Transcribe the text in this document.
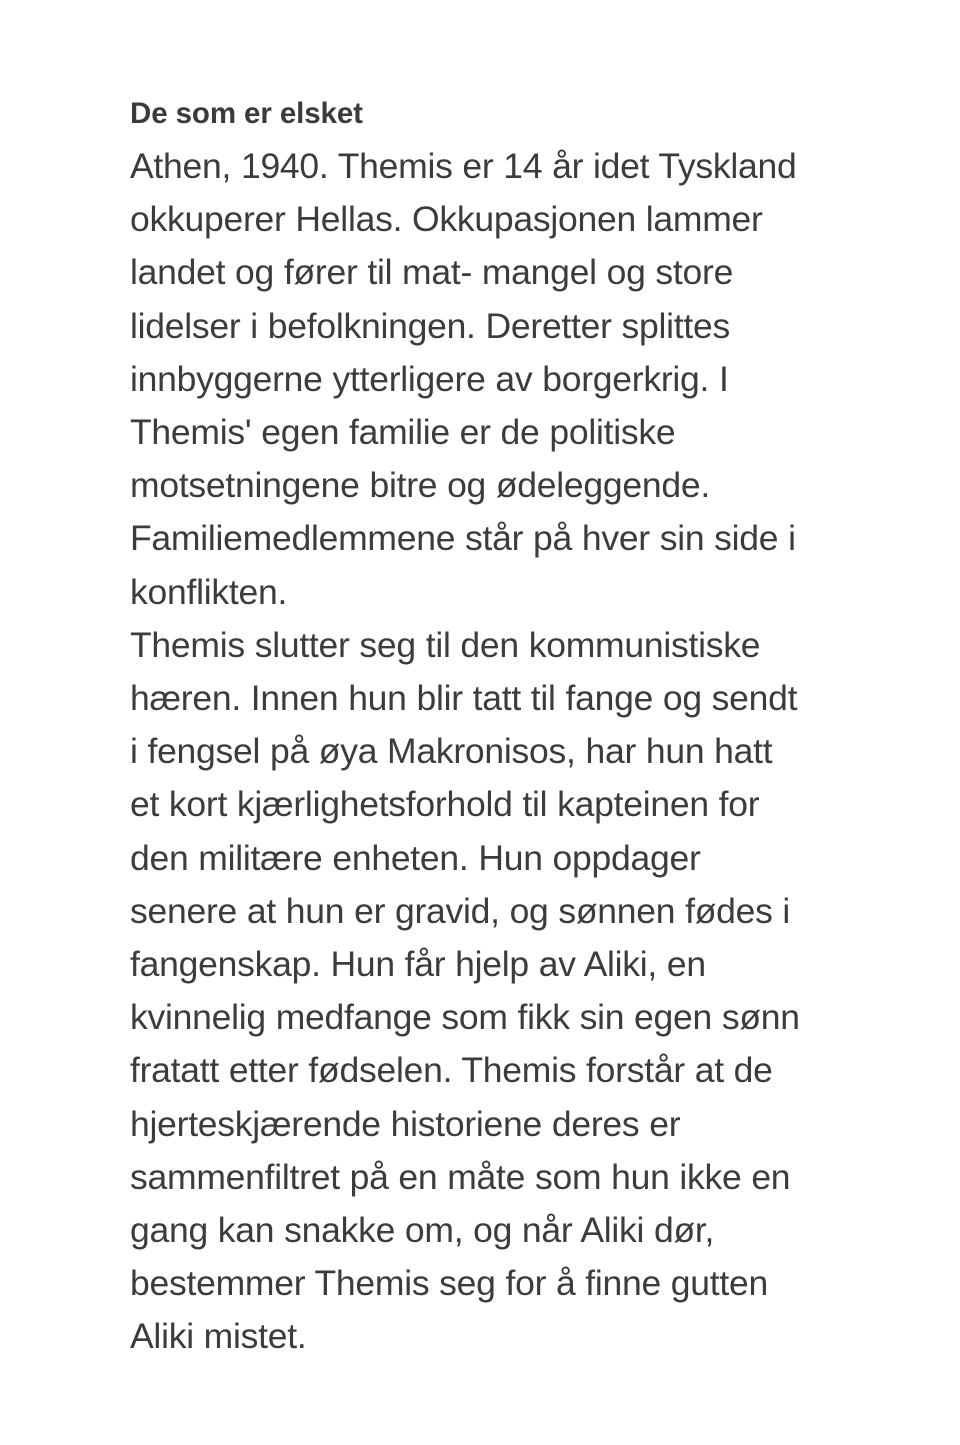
De som er elsket
Athen, 1940. Themis er 14 år idet Tyskland okkuperer Hellas. Okkupasjonen lammer landet og fører til mat- mangel og store lidelser i befolkningen. Deretter splittes innbyggerne ytterligere av borgerkrig. I Themis' egen familie er de politiske motsetningene bitre og ødeleggende. Familiemedlemmene står på hver sin side i konflikten.
Themis slutter seg til den kommunistiske hæren. Innen hun blir tatt til fange og sendt i fengsel på øya Makronisos, har hun hatt et kort kjærlighetsforhold til kapteinen for den militære enheten. Hun oppdager senere at hun er gravid, og sønnen fødes i fangenskap. Hun får hjelp av Aliki, en kvinnelig medfange som fikk sin egen sønn fratatt etter fødselen. Themis forstår at de hjerteskjærende historiene deres er sammenfiltret på en måte som hun ikke en gang kan snakke om, og når Aliki dør, bestemmer Themis seg for å finne gutten Aliki mistet.
